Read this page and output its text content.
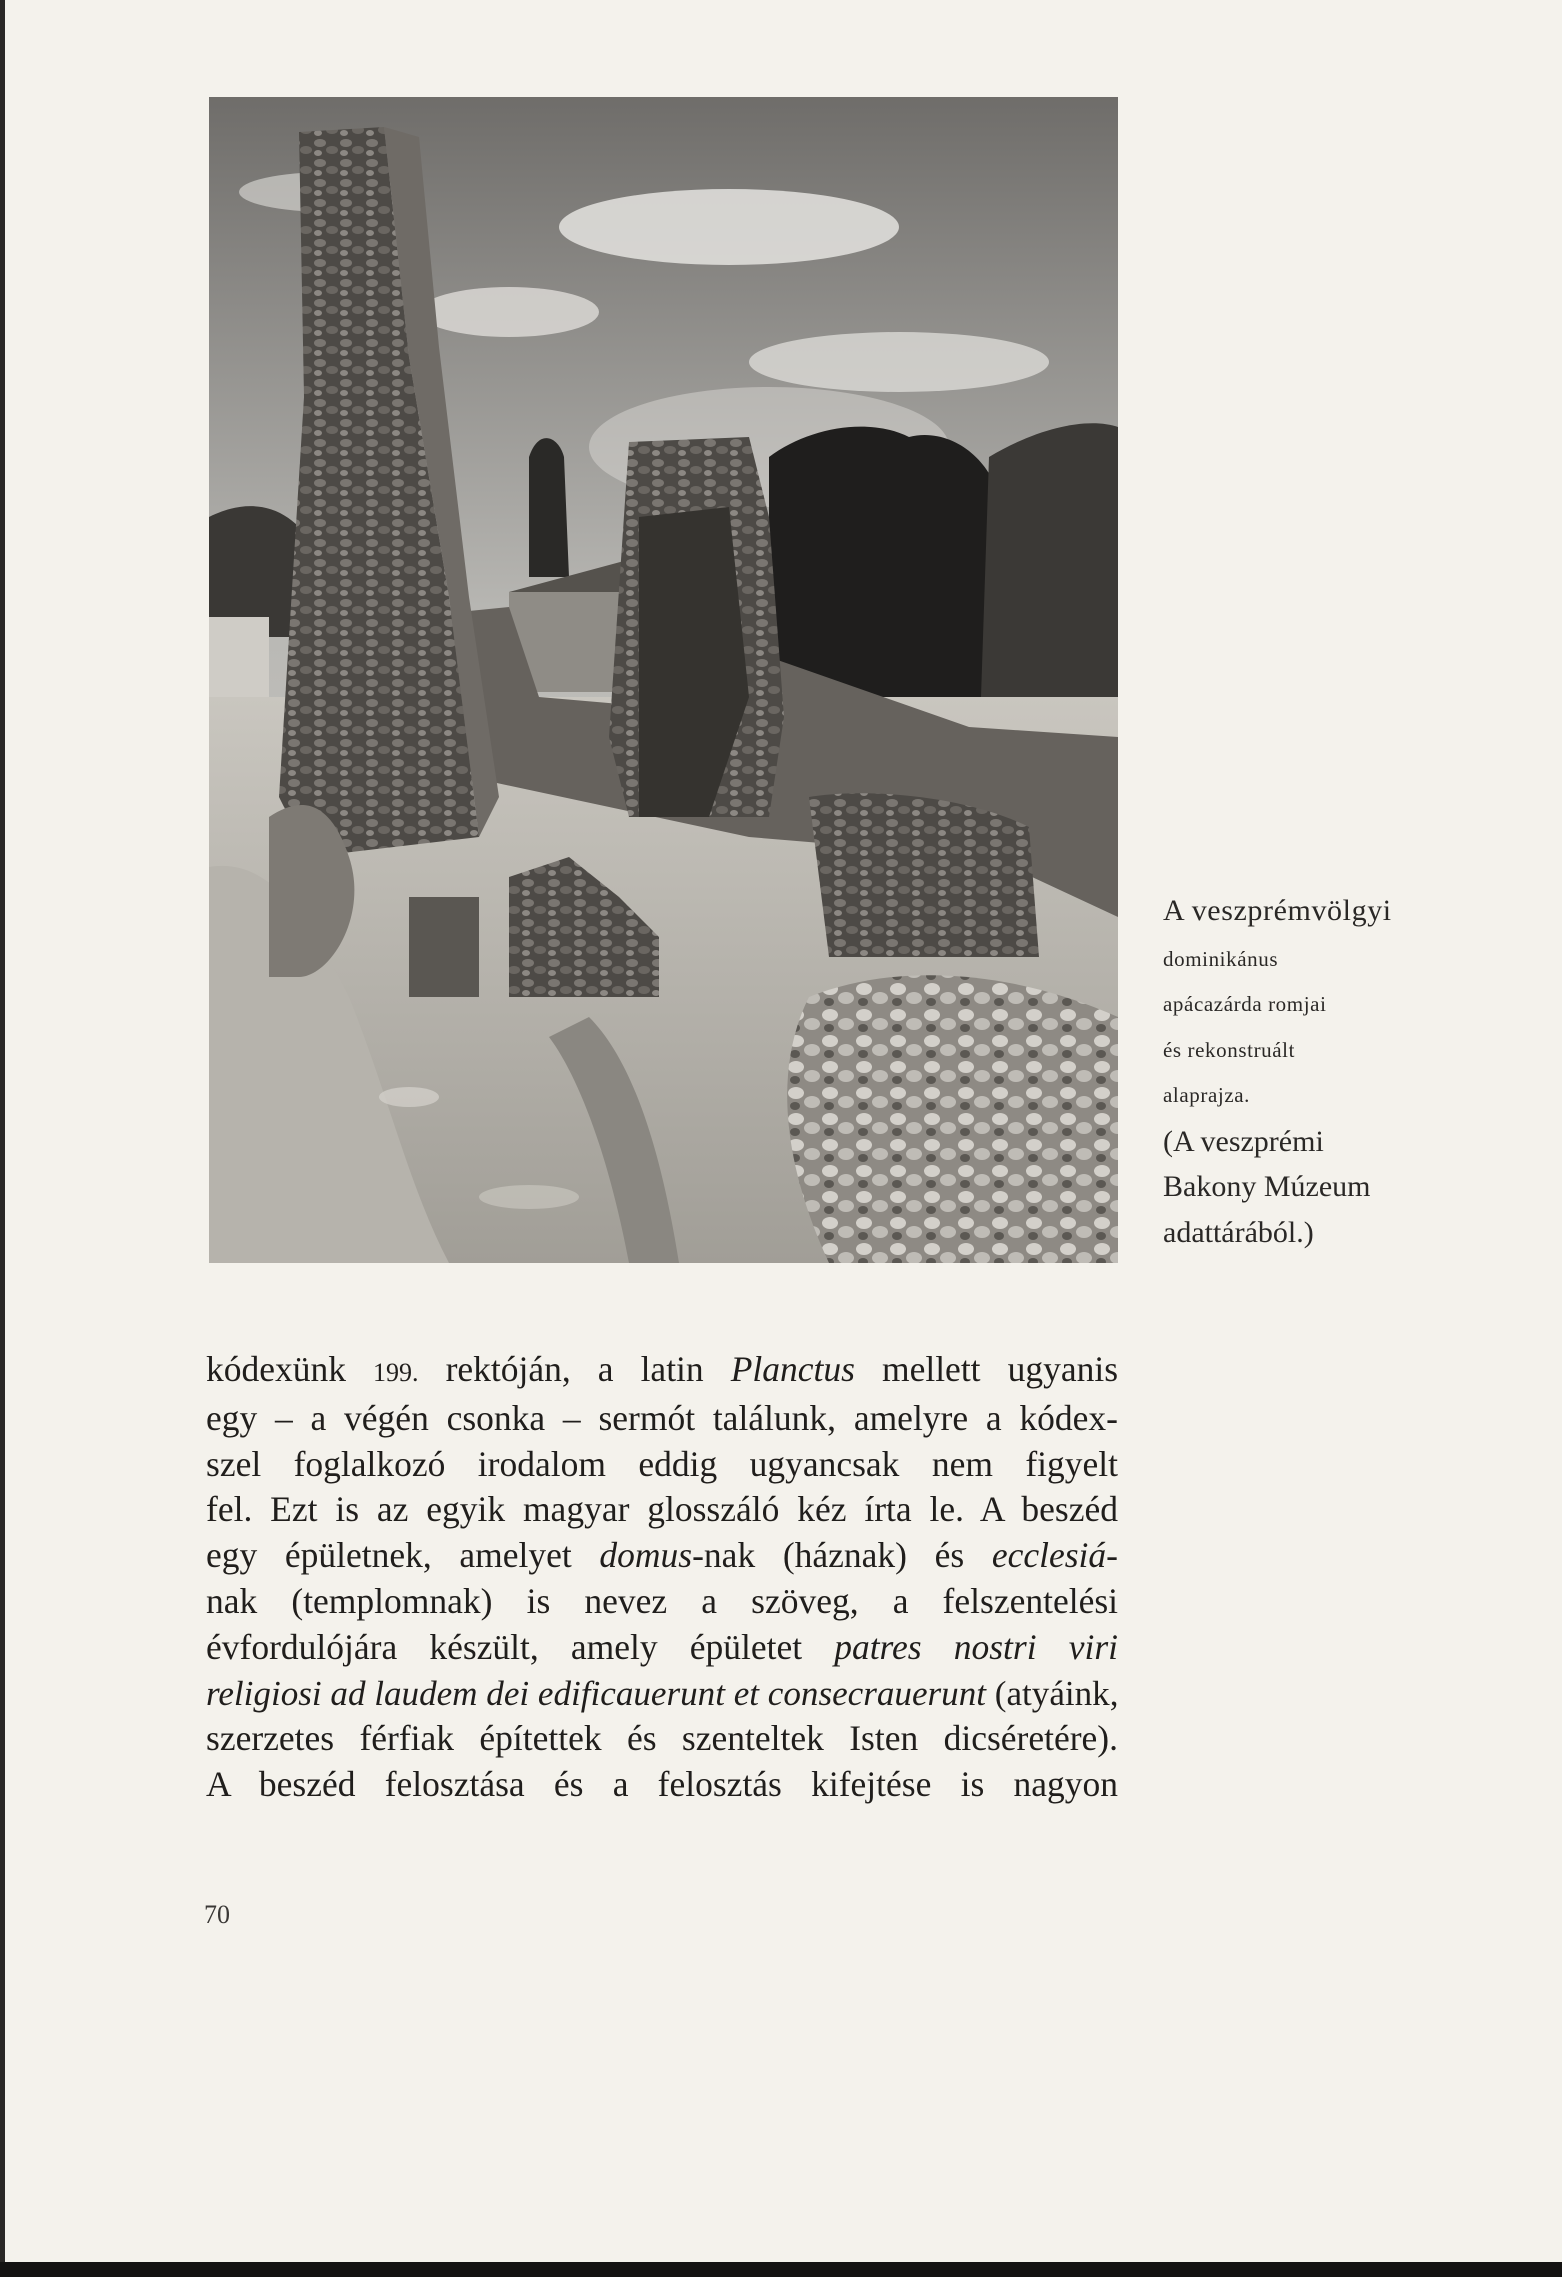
A veszprémvölgyi
dominikánus
apácazárda romjai
és rekonstruált
alaprajza.
(A veszprémi
Bakony Múzeum
adattárából.)
kódexünk 199. rektóján, a latin Planctus mellett ugyanis
egy – a végén csonka – sermót találunk, amelyre a kódex-
szel foglalkozó irodalom eddig ugyancsak nem figyelt
fel. Ezt is az egyik magyar glosszáló kéz írta le. A beszéd
egy épületnek, amelyet domus-nak (háznak) és ecclesiá-
nak (templomnak) is nevez a szöveg, a felszentelési
évfordulójára készült, amely épületet patres nostri viri
religiosi ad laudem dei edificauerunt et consecrauerunt (atyáink,
szerzetes férfiak építettek és szenteltek Isten dicséretére).
A beszéd felosztása és a felosztás kifejtése is nagyon
70
